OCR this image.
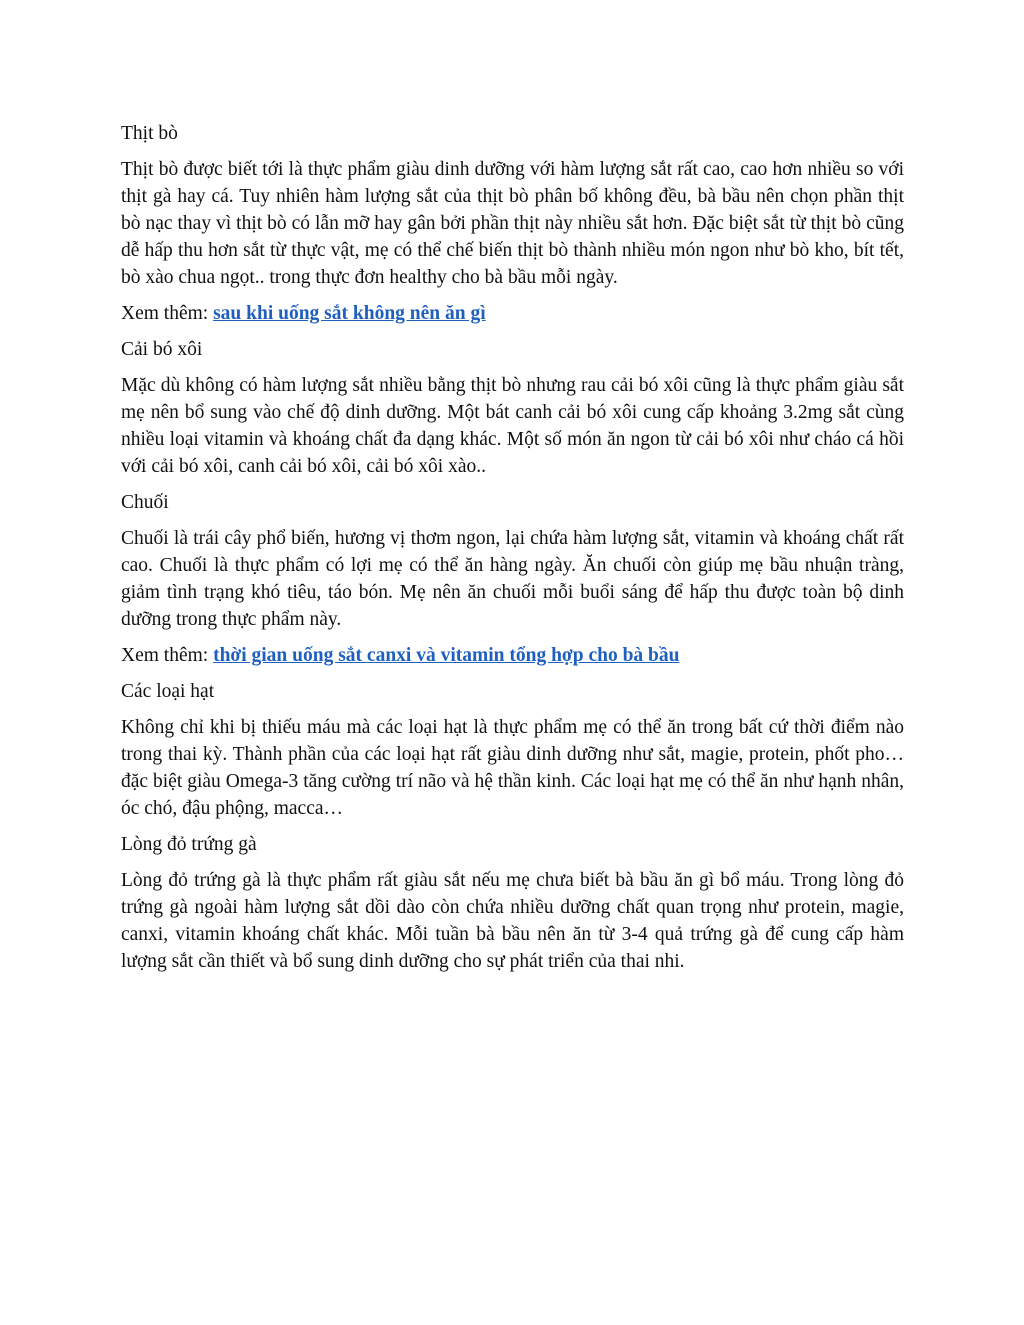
Thịt bò

Thịt bò được biết tới là thực phẩm giàu dinh dưỡng với hàm lượng sắt rất cao, cao hơn nhiều so với thịt gà hay cá. Tuy nhiên hàm lượng sắt của thịt bò phân bố không đều, bà bầu nên chọn phần thịt bò nạc thay vì thịt bò có lẫn mỡ hay gân bởi phần thịt này nhiều sắt hơn. Đặc biệt sắt từ thịt bò cũng dễ hấp thu hơn sắt từ thực vật, mẹ có thể chế biến thịt bò thành nhiều món ngon như bò kho, bít tết, bò xào chua ngọt.. trong thực đơn healthy cho bà bầu mỗi ngày.

Xem thêm: sau khi uống sắt không nên ăn gì

Cải bó xôi

Mặc dù không có hàm lượng sắt nhiều bằng thịt bò nhưng rau cải bó xôi cũng là thực phẩm giàu sắt mẹ nên bổ sung vào chế độ dinh dưỡng. Một bát canh cải bó xôi cung cấp khoảng 3.2mg sắt cùng nhiều loại vitamin và khoáng chất đa dạng khác. Một số món ăn ngon từ cải bó xôi như cháo cá hồi với cải bó xôi, canh cải bó xôi, cải bó xôi xào..

Chuối

Chuối là trái cây phổ biến, hương vị thơm ngon, lại chứa hàm lượng sắt, vitamin và khoáng chất rất cao. Chuối là thực phẩm có lợi mẹ có thể ăn hàng ngày. Ăn chuối còn giúp mẹ bầu nhuận tràng, giảm tình trạng khó tiêu, táo bón. Mẹ nên ăn chuối mỗi buổi sáng để hấp thu được toàn bộ dinh dưỡng trong thực phẩm này.

Xem thêm: thời gian uống sắt canxi và vitamin tổng hợp cho bà bầu

Các loại hạt

Không chỉ khi bị thiếu máu mà các loại hạt là thực phẩm mẹ có thể ăn trong bất cứ thời điểm nào trong thai kỳ. Thành phần của các loại hạt rất giàu dinh dưỡng như sắt, magie, protein, phốt pho… đặc biệt giàu Omega-3 tăng cường trí não và hệ thần kinh. Các loại hạt mẹ có thể ăn như hạnh nhân, óc chó, đậu phộng, macca…

Lòng đỏ trứng gà

Lòng đỏ trứng gà là thực phẩm rất giàu sắt nếu mẹ chưa biết bà bầu ăn gì bổ máu. Trong lòng đỏ trứng gà ngoài hàm lượng sắt dồi dào còn chứa nhiều dưỡng chất quan trọng như protein, magie, canxi, vitamin khoáng chất khác. Mỗi tuần bà bầu nên ăn từ 3-4 quả trứng gà để cung cấp hàm lượng sắt cần thiết và bổ sung dinh dưỡng cho sự phát triển của thai nhi.
